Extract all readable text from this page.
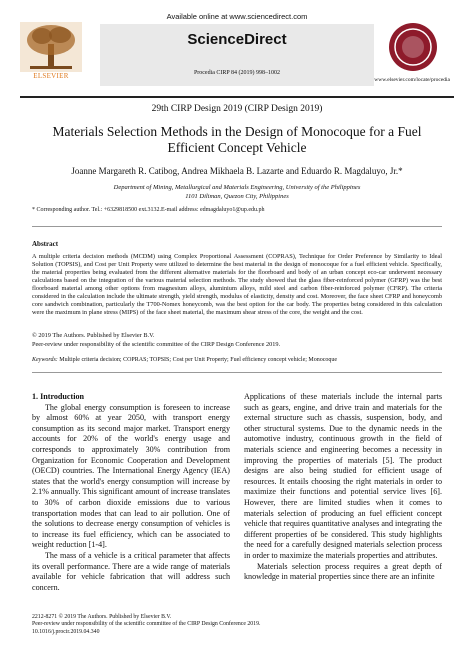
Available online at www.sciencedirect.com
ELSEVIER
ScienceDirect
Procedia CIRP 84 (2019) 998–1002
www.elsevier.com/locate/procedia
29th CIRP Design 2019 (CIRP Design 2019)
Materials Selection Methods in the Design of Monocoque for a Fuel Efficient Concept Vehicle
Joanne Margareth R. Catibog, Andrea Mikhaela B. Lazarte and Eduardo R. Magdaluyo, Jr.*
Department of Mining, Metallurgical and Materials Engineering, University of the Philippines
1101 Diliman, Quezon City, Philippines
* Corresponding author. Tel.: +6329818500 ext.3132.E-mail address: edmagdaluyo1@up.edu.ph
Abstract
A multiple criteria decision methods (MCDM) using Complex Proportional Assessment (COPRAS), Technique for Order Preference by Similarity to Ideal Solution (TOPSIS), and Cost per Unit Property were utilized to determine the best material in the design of monocoque for a fuel efficient vehicle. Specifically, the material properties being evaluated from the different alternative materials for the floorboard and body of an urban concept eco-car underwent necessary calculations based on the integration of the various material selection methods. The study showed that the glass fiber-reinforced polymer (GFRP) was the best floorboard material among other options from magnesium alloys, aluminium alloys, mild steel and carbon fiber-reinforced polymer (CFRP). The criteria considered in the calculation include the ultimate strength, yield strength, modulus of elasticity, density and cost. Moreover, the face sheet CFRP and honeycomb core sandwich combination, particularly the T700-Nomex honeycomb, was the best option for the car body. The properties being considered in this calculation were the maximum in plane stress (MIPS) of the face sheet material, the maximum shear stress of the core, the weight and the cost.
© 2019 The Authors. Published by Elsevier B.V.
Peer-review under responsibility of the scientific committee of the CIRP Design Conference 2019.
Keywords: Multiple criteria decision; COPRAS; TOPSIS; Cost per Unit Property; Fuel efficiency concept vehicle; Monocoque

1. Introduction

The global energy consumption is foreseen to increase by almost 60% at year 2050, with transport energy consumption as its second major market. Transport energy accounts for 20% of the world's energy usage and corresponds to approximately 30% contribution from Organization for Economic Cooperation and Development (OECD) countries. The International Energy Agency (IEA) states that the world's energy consumption will increase by 2.1% annually. This significant amount of increase translates to 30% of carbon dioxide emissions due to various transportation modes that can lead to air pollution. One of the solutions to decrease energy consumption of vehicles is to increase its fuel efficiency, which can be associated to weight reduction [1-4].

The mass of a vehicle is a critical parameter that affects its overall performance. There are a wide range of materials available for vehicle fabrication that will address such concern.

Applications of these materials include the internal parts such as gears, engine, and drive train and materials for the external structure such as chassis, suspension, body, and other structural systems. Due to the dynamic needs in the automotive industry, continuous growth in the field of materials science and engineering becomes a necessity in improving the properties of materials [5]. The product designs are also being studied for efficient usage of resources. It entails choosing the right materials in order to maximize their functions and potential service lives [6]. However, there are limited studies when it comes to materials selection of producing an fuel efficient concept vehicle that requires quantitative analyses and integrating the different properties of be considered. This study highlights the need for a carefully designed materials selection process in order to maximize the materials properties and attributes.

Materials selection process requires a great depth of knowledge in material properties since there are an infinite

2212-8271 © 2019 The Authors. Published by Elsevier B.V.
Peer-review under responsibility of the scientific committee of the CIRP Design Conference 2019.
10.1016/j.procir.2019.04.340
